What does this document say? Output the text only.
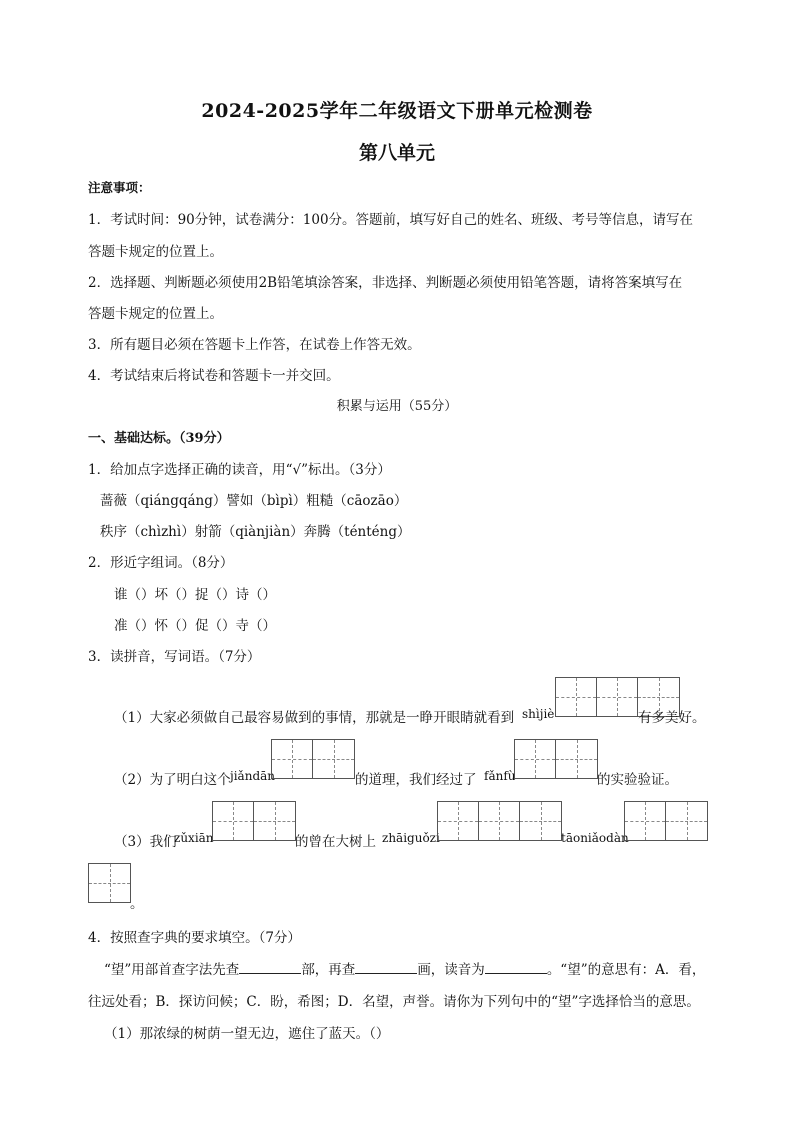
2024-2025学年二年级语文下册单元检测卷
第八单元
注意事项：
1．考试时间：90分钟，试卷满分：100分。答题前，填写好自己的姓名、班级、考号等信息，请写在
答题卡规定的位置上。
2．选择题、判断题必须使用2B铅笔填涂答案，非选择、判断题必须使用铅笔答题，请将答案填写在
答题卡规定的位置上。
3．所有题目必须在答题卡上作答，在试卷上作答无效。
4．考试结束后将试卷和答题卡一并交回。
积累与运用（55分）
一、基础达标。（39分）
1．给加点字选择正确的读音，用“√”标出。（3分）
蔷薇（qiángqáng）譬如（bìpì）粗糙（cāozāo）
秩序（chìzhì）射箭（qiànjiàn）奔腾（ténténg）
2．形近字组词。（8分）
谁（）坏（）捉（）诗（）
准（）怀（）促（）寺（）
3．读拼音，写词语。（7分）
（1）大家必须做自己最容易做到的事情，那就是一睁开眼睛就看到 shìjiè	有多美好。
（2）为了明白这个 jiǎndān	的道理，我们经过了 fǎnfù	的实验验证。
（3）我们
zǔxiān	的曾在大树上 zhāiguǒzi	tāoniǎodàn
。
4．按照查字典的要求填空。（7分）
“望”用部首查字法先查	部，再查	画，读音为	。“望”的意思有：A．看，
往远处看；B．探访问候；C．盼，希图；D．名望，声誉。请你为下列句中的“望”字选择恰当的意思。
（1）那浓绿的树荫一望无边，遮住了蓝天。（）
